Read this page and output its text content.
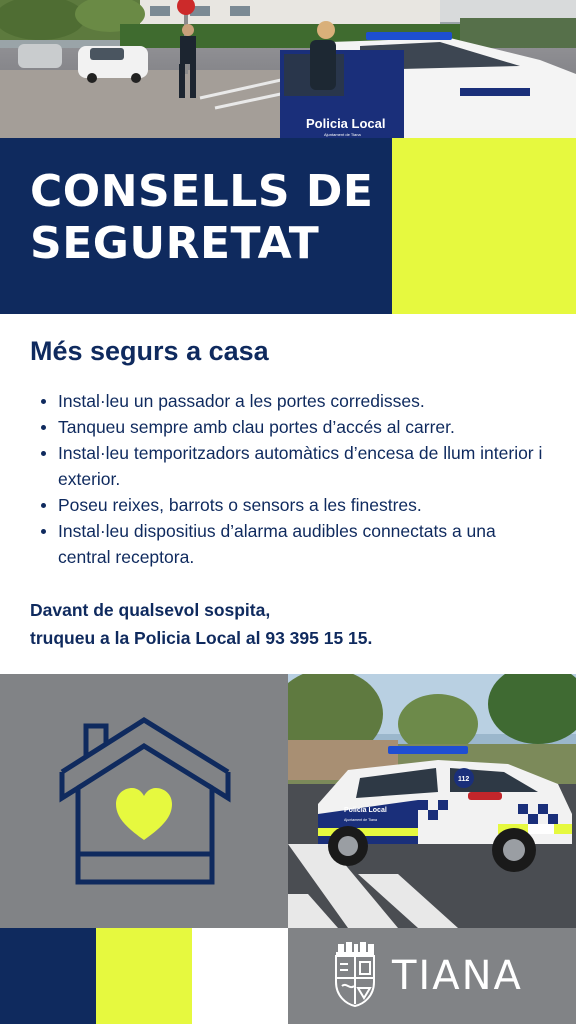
Policia Local
Ajuntament de Tiana
CONSELLS DE
SEGURETAT
Més segurs a casa
Instal·leu un passador a les portes corredisses.
Tanqueu sempre amb clau portes d’accés al carrer.
Instal·leu temporitzadors automàtics d’encesa de llum interior i exterior.
Poseu reixes, barrots o sensors a les finestres.
Instal·leu dispositius d’alarma audibles connectats a una central receptora.

Davant de qualsevol sospita,
truqueu a la Policia Local al 93 395 15 15.

Policia Local
Ajuntament de Tiana
112

TIANA
